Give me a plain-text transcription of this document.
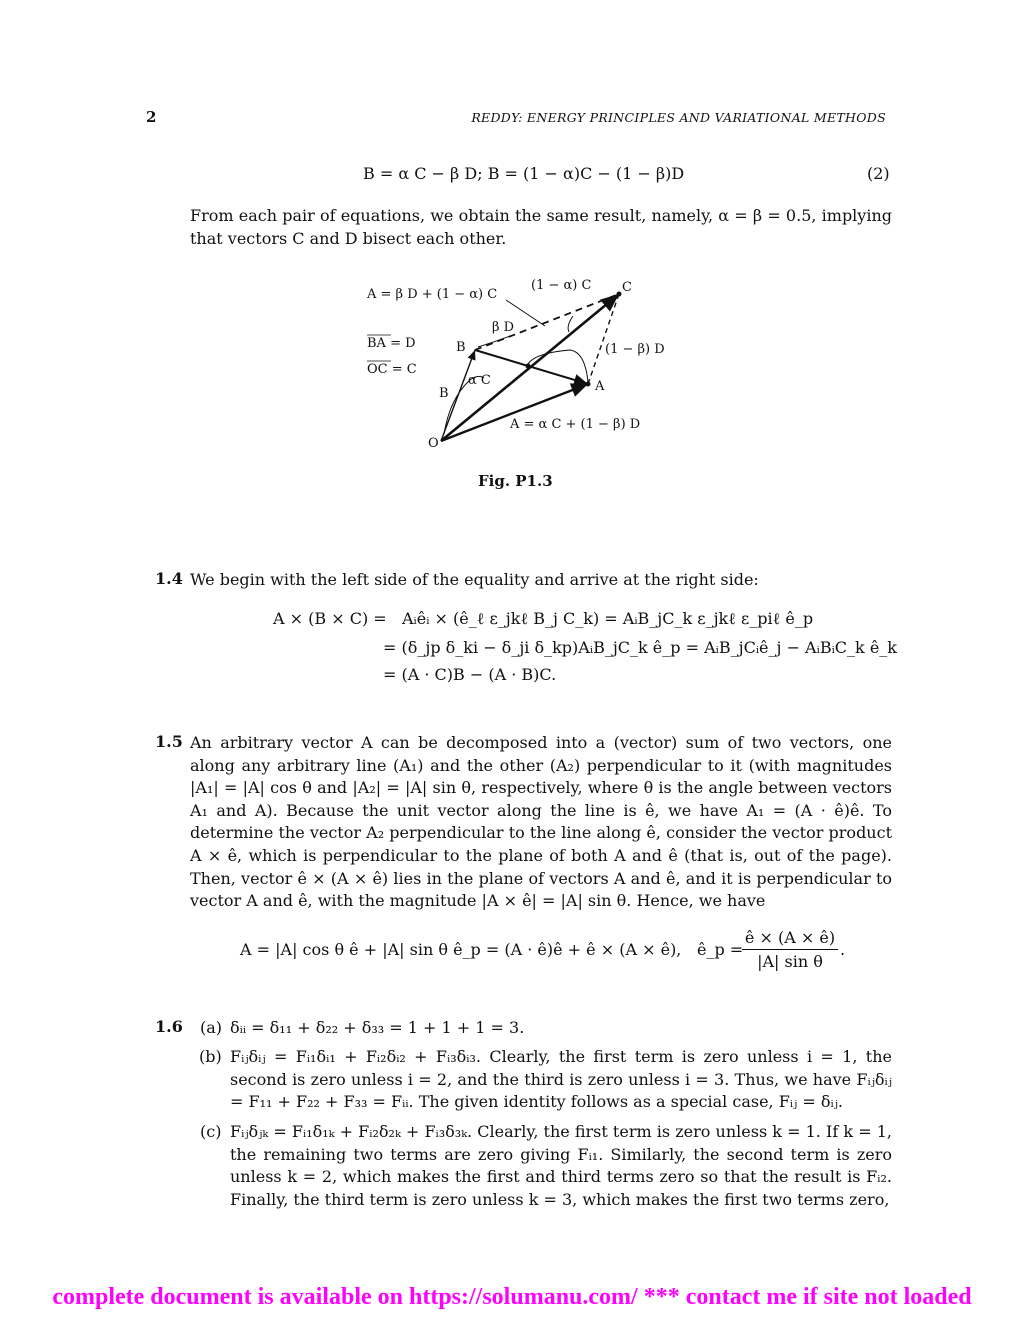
2	REDDY: ENERGY PRINCIPLES AND VARIATIONAL METHODS
B = α C − β D; B = (1 − α)C − (1 − β)D	(2)

From each pair of equations, we obtain the same result, namely, α = β = 0.5, implying that vectors C and D bisect each other.

A = β D + (1 − α) C
(1 − α) C C
β D
BA = D	B	(1 − β) D
OC = C
α C	A
B
A = α C + (1 − β) D
O
Fig. P1.3
1.4 We begin with the left side of the equality and arrive at the right side:
A × (B × C) = Aᵢêᵢ × (ê_ℓ ε_jkℓ B_j C_k) = AᵢB_jC_k ε_jkℓ ε_piℓ ê_p
= (δ_jp δ_ki − δ_ji δ_kp)AᵢB_jC_k ê_p = AᵢB_jCᵢê_j − AᵢBᵢC_k ê_k
= (A · C)B − (A · B)C.
1.5 An arbitrary vector A can be decomposed into a (vector) sum of two vectors, one along any arbitrary line (A₁) and the other (A₂) perpendicular to it (with magnitudes |A₁| = |A| cos θ and |A₂| = |A| sin θ, respectively, where θ is the angle between vectors A₁ and A). Because the unit vector along the line is ê, we have A₁ = (A · ê)ê. To determine the vector A₂ perpendicular to the line along ê, consider the vector product A × ê, which is perpendicular to the plane of both A and ê (that is, out of the page). Then, vector ê × (A × ê) lies in the plane of vectors A and ê, and it is perpendicular to vector A and ê, with the magnitude |A × ê| = |A| sin θ. Hence, we have

A = |A| cos θ ê + |A| sin θ ê_p = (A · ê)ê + ê × (A × ê), ê_p =
$\frac{ê \times (A \times ê)}{\text{|A| sin θ}}$ .
1.6 (a) δᵢᵢ = δ₁₁ + δ₂₂ + δ₃₃ = 1 + 1 + 1 = 3.
(b) Fᵢⱼδᵢⱼ = Fᵢ₁δᵢ₁ + Fᵢ₂δᵢ₂ + Fᵢ₃δᵢ₃. Clearly, the first term is zero unless i = 1, the second is zero unless i = 2, and the third is zero unless i = 3. Thus, we have Fᵢⱼδᵢⱼ = F₁₁ + F₂₂ + F₃₃ = Fᵢᵢ. The given identity follows as a special case, Fᵢⱼ = δᵢⱼ.
(c) Fᵢⱼδⱼₖ = Fᵢ₁δ₁ₖ + Fᵢ₂δ₂ₖ + Fᵢ₃δ₃ₖ. Clearly, the first term is zero unless k = 1. If k = 1, the remaining two terms are zero giving Fᵢ₁. Similarly, the second term is zero unless k = 2, which makes the first and third terms zero so that the result is Fᵢ₂. Finally, the third term is zero unless k = 3, which makes the first two terms zero,
complete document is available on https://solumanu.com/ *** contact me if site not loaded
